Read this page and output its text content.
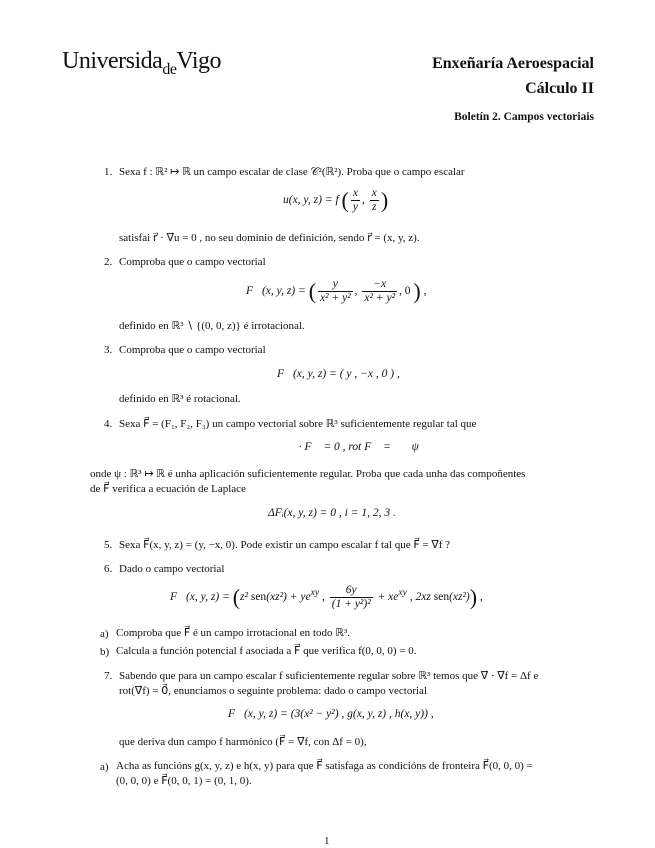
Universida$_{de}$Vigo	Enxeñaría Aeroespacial
Cálculo II
Boletín 2. Campos vectoriais
1. Sexa f : ℝ² ↦ ℝ un campo escalar de clase 𝒞²(ℝ²). Proba que o campo escalar
u(x, y, z) = f ( $\frac{x}{y}$ , $\frac{x}{z}$ )
satisfai r⃗ · ∇⃗u = 0 , no seu dominio de definición, sendo r⃗ = (x, y, z).
2. Comproba que o campo vectorial
F⃗(x, y, z) = ( $\frac{y}{\text{x² + y²}}$ , $\frac{-x}{\text{x² + y²}}$ , 0 ) ,
definido en ℝ³ ∖ {(0, 0, z)} é irrotacional.
3. Comproba que o campo vectorial
F⃗(x, y, z) = ( y , −x , 0 ) ,
definido en ℝ³ é rotacional.
4. Sexa F⃗ = (F₁, F₂, F₃) un campo vectorial sobre ℝ³ suficientemente regular tal que
∇⃗ · F⃗ = 0 , rot F⃗ = ∇⃗ψ
onde ψ : ℝ³ ↦ ℝ é unha aplicación suficientemente regular. Proba que cada unha das compoñentes
de F⃗ verifica a ecuación de Laplace
ΔFᵢ(x, y, z) = 0 , i = 1, 2, 3 .
5. Sexa F⃗(x, y, z) = (y, −x, 0). Pode existir un campo escalar f tal que F⃗ = ∇⃗f ?
6. Dado o campo vectorial
F⃗(x, y, z) = (z² $sen(xz^2) + ye^{xy}$ , $\frac{6y}{\text{(1 + y²)²}} + xe^{xy}$ , 2xz sen(xz²)) ,
a) Comproba que F⃗ é un campo irrotacional en todo ℝ³.
b) Calcula a función potencial f asociada a F⃗ que verifica f(0, 0, 0) = 0.
7. Sabendo que para un campo escalar f suficientemente regular sobre ℝ³ temos que ∇⃗ · ∇⃗f = Δf e
rot(∇⃗f) = 0⃗, enunciamos o seguinte problema: dado o campo vectorial
F⃗(x, y, z) = (3(x² − y²) , g(x, y, z) , h(x, y)) ,
que deriva dun campo f harmónico (F⃗ = ∇⃗f, con Δf = 0),
a) Acha as funcións g(x, y, z) e h(x, y) para que F⃗ satisfaga as condicións de fronteira F⃗(0, 0, 0) =
(0, 0, 0) e F⃗(0, 0, 1) = (0, 1, 0).
1
